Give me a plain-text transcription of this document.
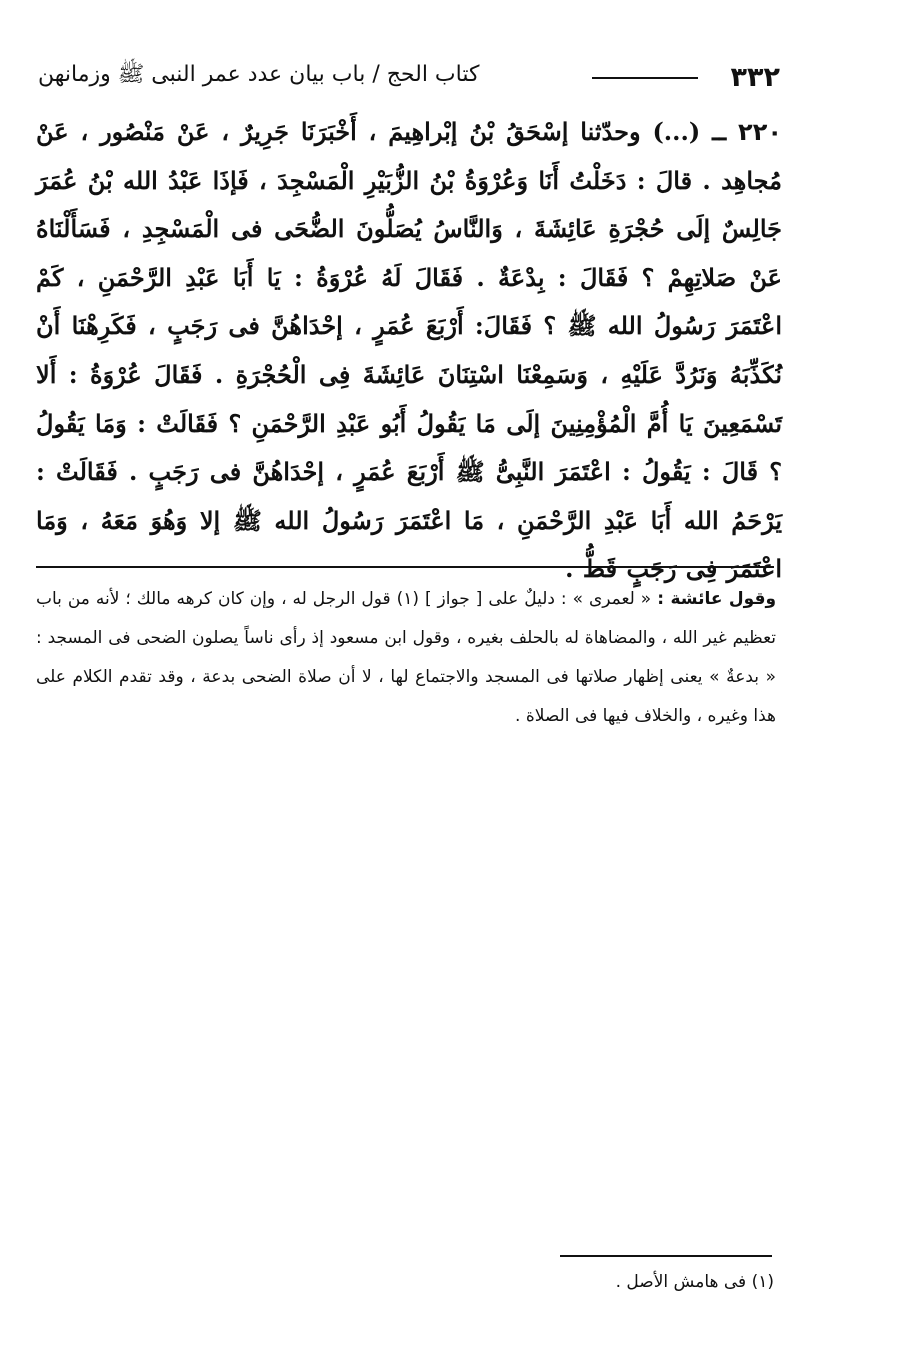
٣٣٢
كتاب الحج / باب بيان عدد عمر النبى ﷺ وزمانهن
٢٢٠ ــ (...) وحدّثنا إسْحَقُ بْنُ إبْراهِيمَ ، أَخْبَرَنَا جَرِيرٌ ، عَنْ مَنْصُور ، عَنْ مُجاهِد . قالَ : دَخَلْتُ أَنَا وَعُرْوَةُ بْنُ الزُّبَيْرِ الْمَسْجِدَ ، فَإذَا عَبْدُ الله بْنُ عُمَرَ جَالِسٌ إلَى حُجْرَةِ عَائِشَةَ ، وَالنَّاسُ يُصَلُّونَ الضُّحَى فى الْمَسْجِدِ ، فَسَأَلْنَاهُ عَنْ صَلاتِهِمْ ؟ فَقَالَ : بِدْعَةٌ . فَقَالَ لَهُ عُرْوَةُ : يَا أَبَا عَبْدِ الرَّحْمَنِ ، كَمْ اعْتَمَرَ رَسُولُ الله ﷺ ؟ فَقَالَ: أَرْبَعَ عُمَرٍ ، إحْدَاهُنَّ فى رَجَبٍ ، فَكَرِهْنَا أَنْ نُكَذِّبَهُ وَنَرُدَّ عَلَيْهِ ، وَسَمِعْنَا اسْتِنَانَ عَائِشَةَ فِى الْحُجْرَةِ . فَقَالَ عُرْوَةُ : أَلا تَسْمَعِينَ يَا أُمَّ الْمُؤْمِنِينَ إلَى مَا يَقُولُ أَبُو عَبْدِ الرَّحْمَنِ ؟ فَقَالَتْ : وَمَا يَقُولُ ؟ قَالَ : يَقُولُ : اعْتَمَرَ النَّبِىُّ ﷺ أَرْبَعَ عُمَرٍ ، إحْدَاهُنَّ فى رَجَبٍ . فَقَالَتْ : يَرْحَمُ الله أَبَا عَبْدِ الرَّحْمَنِ ، مَا اعْتَمَرَ رَسُولُ الله ﷺ إلا وَهُوَ مَعَهُ ، وَمَا اعْتَمَرَ فِى رَجَبٍ قَطُّ .
وقول عائشة : « لعمرى » : دليلٌ على [ جواز ] (١) قول الرجل له ، وإن كان كرهه مالك ؛ لأنه من باب تعظيم غير الله ، والمضاهاة له بالحلف بغيره ، وقول ابن مسعود إذ رأى ناساً يصلون الضحى فى المسجد : « بدعةٌ » يعنى إظهار صلاتها فى المسجد والاجتماع لها ، لا أن صلاة الضحى بدعة ، وقد تقدم الكلام على هذا وغيره ، والخلاف فيها فى الصلاة .
(١) فى هامش الأصل .
